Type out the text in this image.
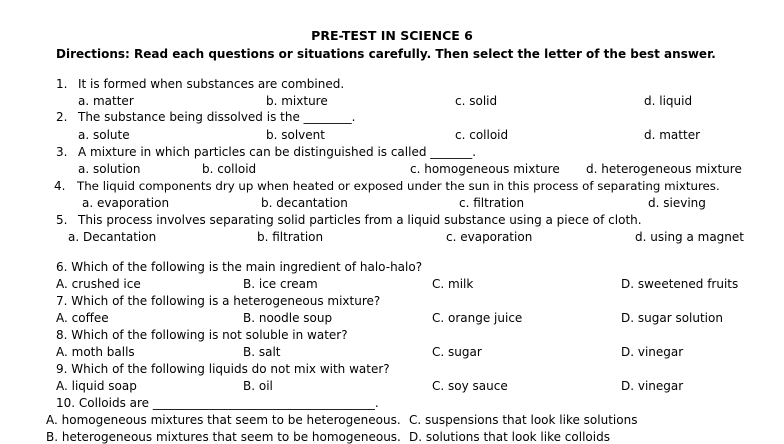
PRE-TEST IN SCIENCE 6
Directions: Read each questions or situations carefully. Then select the letter of the best answer.
1. It is formed when substances are combined.
a. matter	b. mixture	c. solid	d. liquid
2. The substance being dissolved is the ________.
a. solute	b. solvent	c. colloid	d. matter
3. A mixture in which particles can be distinguished is called _______.
a. solution	b. colloid	c. homogeneous mixture d. heterogeneous mixture
4. The liquid components dry up when heated or exposed under the sun in this process of separating mixtures.
a. evaporation	b. decantation	c. filtration	d. sieving
5. This process involves separating solid particles from a liquid substance using a piece of cloth.
a. Decantation	b. filtration	c. evaporation	d. using a magnet
6. Which of the following is the main ingredient of halo-halo?
A. crushed ice	B. ice cream	C. milk	D. sweetened fruits
7. Which of the following is a heterogeneous mixture?
A. coffee	B. noodle soup	C. orange juice	D. sugar solution
8. Which of the following is not soluble in water?
A. moth balls	B. salt	C. sugar	D. vinegar
9. Which of the following liquids do not mix with water?
A. liquid soap	B. oil	C. soy sauce	D. vinegar
10. Colloids are _____________________________________.
A. homogeneous mixtures that seem to be heterogeneous. C. suspensions that look like solutions
B. heterogeneous mixtures that seem to be homogeneous. D. solutions that look like colloids
